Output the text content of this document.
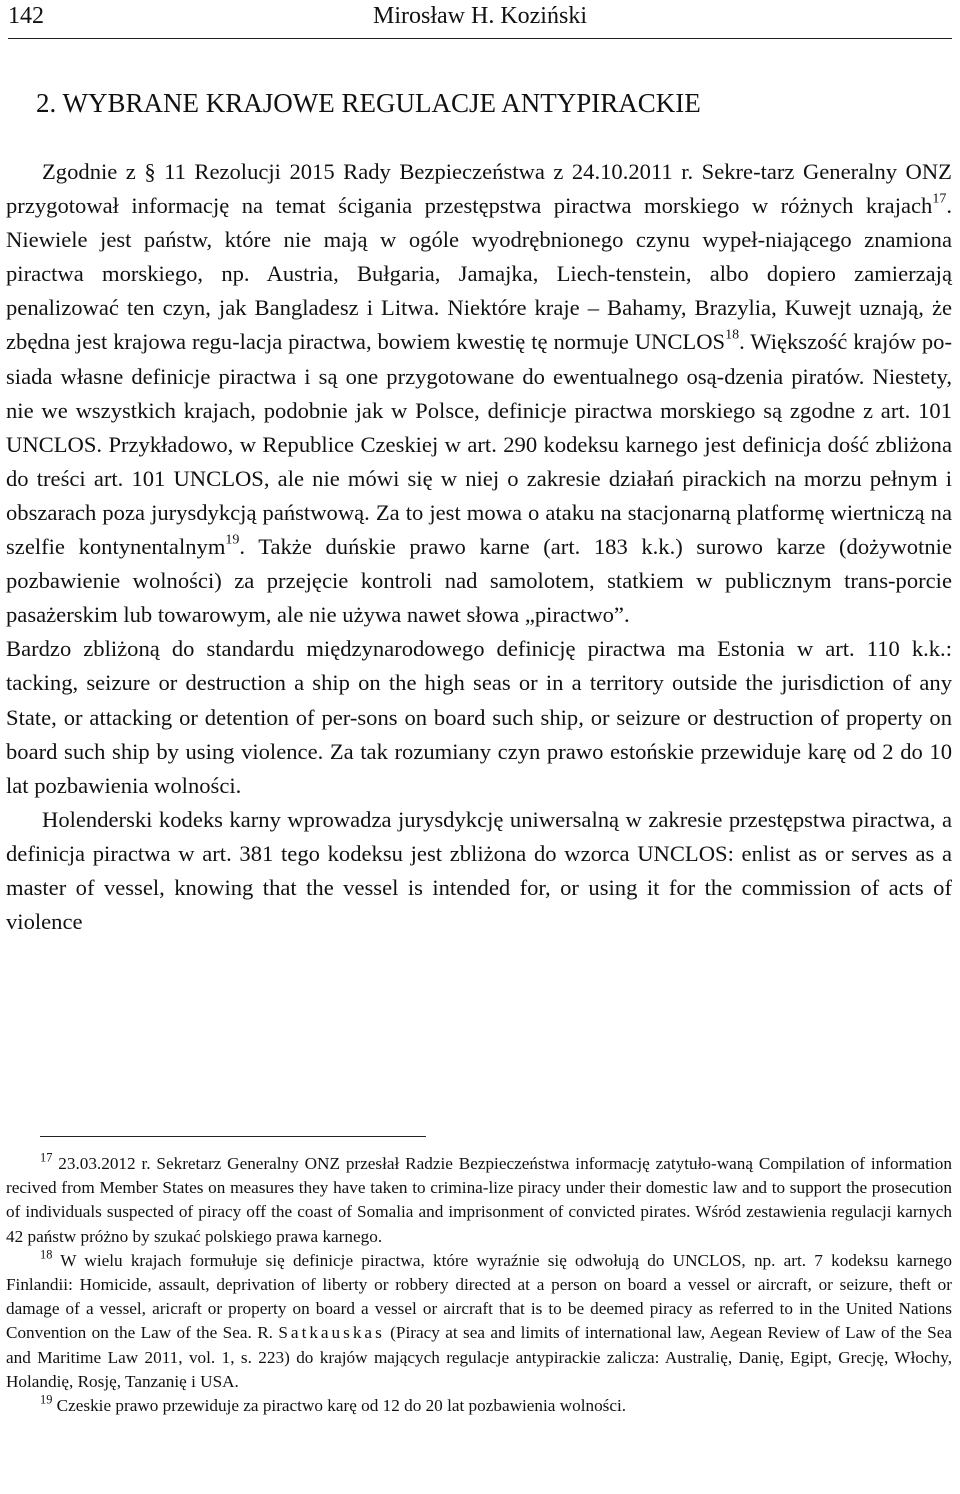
142	Mirosław H. Koziński
2. WYBRANE KRAJOWE REGULACJE ANTYPIRACKIE

Zgodnie z § 11 Rezolucji 2015 Rady Bezpieczeństwa z 24.10.2011 r. Sekre-tarz Generalny ONZ przygotował informację na temat ścigania przestępstwa piractwa morskiego w różnych krajach$^{17}$. Niewiele jest państw, które nie mają w ogóle wyodrębnionego czynu wypeł-niającego znamiona piractwa morskiego, np. Austria, Bułgaria, Jamajka, Liech-tenstein, albo dopiero zamierzają penalizować ten czyn, jak Bangladesz i Litwa. Niektóre kraje – Bahamy, Brazylia, Kuwejt uznają, że zbędna jest krajowa regu-lacja piractwa, bowiem kwestię tę normuje UNCLOS$^{18}$. Większość krajów po-siada własne definicje piractwa i są one przygotowane do ewentualnego osą-dzenia piratów. Niestety, nie we wszystkich krajach, podobnie jak w Polsce, definicje piractwa morskiego są zgodne z art. 101 UNCLOS. Przykładowo, w Republice Czeskiej w art. 290 kodeksu karnego jest definicja dość zbliżona do treści art. 101 UNCLOS, ale nie mówi się w niej o zakresie działań pirackich na morzu pełnym i obszarach poza jurysdykcją państwową. Za to jest mowa o ataku na stacjonarną platformę wiertniczą na szelfie kontynentalnym$^{19}$. Także duńskie prawo karne (art. 183 k.k.) surowo karze (dożywotnie pozbawienie wolności) za przejęcie kontroli nad samolotem, statkiem w publicznym trans-porcie pasażerskim lub towarowym, ale nie używa nawet słowa „piractwo”.

Bardzo zbliżoną do standardu międzynarodowego definicję piractwa ma Estonia w art. 110 k.k.: tacking, seizure or destruction a ship on the high seas or in a territory outside the jurisdiction of any State, or attacking or detention of per-sons on board such ship, or seizure or destruction of property on board such ship by using violence. Za tak rozumiany czyn prawo estońskie przewiduje karę od 2 do 10 lat pozbawienia wolności.

Holenderski kodeks karny wprowadza jurysdykcję uniwersalną w zakresie przestępstwa piractwa, a definicja piractwa w art. 381 tego kodeksu jest zbliżona do wzorca UNCLOS: enlist as or serves as a master of vessel, knowing that the vessel is intended for, or using it for the commission of acts of violence

$^{17}$ 23.03.2012 r. Sekretarz Generalny ONZ przesłał Radzie Bezpieczeństwa informację zatytuło-waną Compilation of information recived from Member States on measures they have taken to crimina-lize piracy under their domestic law and to support the prosecution of individuals suspected of piracy off the coast of Somalia and imprisonment of convicted pirates. Wśród zestawienia regulacji karnych 42 państw próżno by szukać polskiego prawa karnego.

$^{18}$ W wielu krajach formułuje się definicje piractwa, które wyraźnie się odwołują do UNCLOS, np. art. 7 kodeksu karnego Finlandii: Homicide, assault, deprivation of liberty or robbery directed at a person on board a vessel or aircraft, or seizure, theft or damage of a vessel, aricraft or property on board a vessel or aircraft that is to be deemed piracy as referred to in the United Nations Convention on the Law of the Sea. R. Satkauskas (Piracy at sea and limits of international law, Aegean Review of Law of the Sea and Maritime Law 2011, vol. 1, s. 223) do krajów mających regulacje antypirackie zalicza: Australię, Danię, Egipt, Grecję, Włochy, Holandię, Rosję, Tanzanię i USA.

$^{19}$ Czeskie prawo przewiduje za piractwo karę od 12 do 20 lat pozbawienia wolności.
